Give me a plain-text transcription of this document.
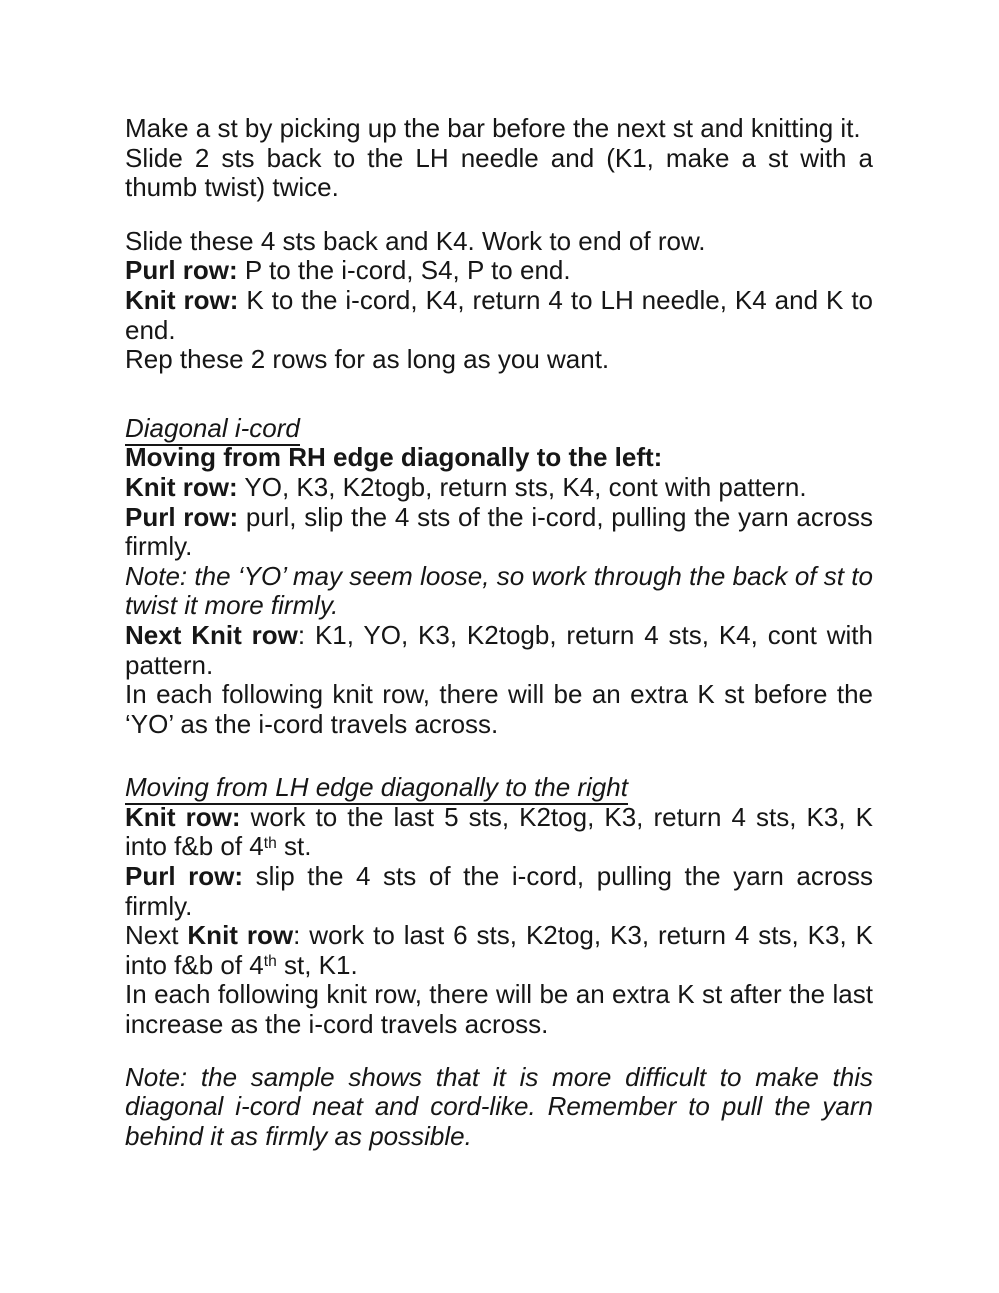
Make a st by picking up the bar before the next st and knitting it.
Slide 2 sts back to the LH needle and (K1, make a st with a thumb twist) twice.
Slide these 4 sts back and K4. Work to end of row.
Purl row: P to the i-cord, S4, P to end.
Knit row: K to the i-cord, K4, return 4 to LH needle, K4 and K to end.
Rep these 2 rows for as long as you want.
Diagonal i-cord
Moving from RH edge diagonally to the left:
Knit row: YO, K3, K2togb, return sts, K4, cont with pattern.
Purl row: purl, slip the 4 sts of the i-cord, pulling the yarn across firmly.
Note: the ‘YO’ may seem loose, so work through the back of st to twist it more firmly.
Next Knit row: K1, YO, K3, K2togb, return 4 sts, K4, cont with pattern.
In each following knit row, there will be an extra K st before the ‘YO’ as the i-cord travels across.
Moving from LH edge diagonally to the right
Knit row: work to the last 5 sts, K2tog, K3, return 4 sts, K3, K into f&b of 4th st.
Purl row: slip the 4 sts of the i-cord, pulling the yarn across firmly.
Next Knit row: work to last 6 sts, K2tog, K3, return 4 sts, K3, K into f&b of 4th st, K1.
In each following knit row, there will be an extra K st after the last increase as the i-cord travels across.
Note: the sample shows that it is more difficult to make this diagonal i-cord neat and cord-like. Remember to pull the yarn behind it as firmly as possible.
